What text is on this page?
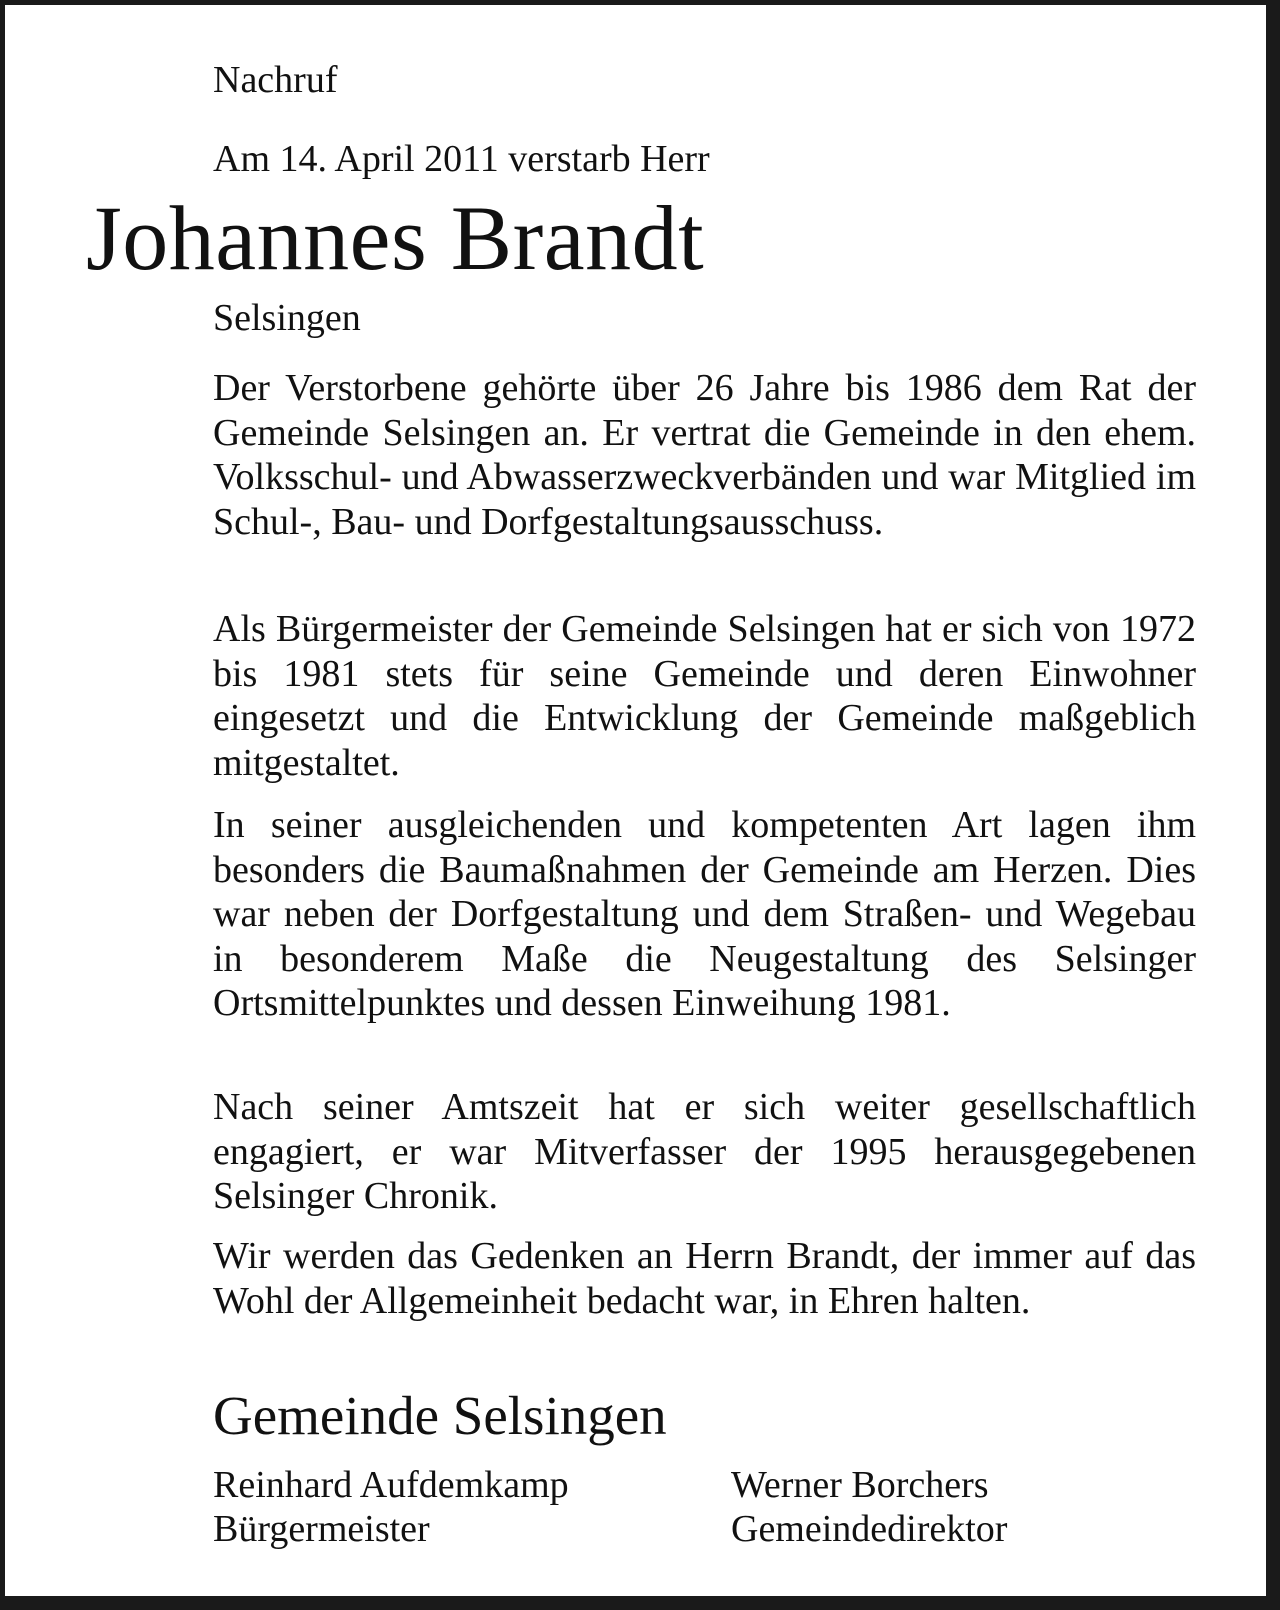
Nachruf
Am 14. April 2011 verstarb Herr
Johannes Brandt
Selsingen
Der Verstorbene gehörte über 26 Jahre bis 1986 dem Rat der Gemeinde Selsingen an. Er vertrat die Gemeinde in den ehem. Volksschul- und Abwasserzweckverbänden und war Mitglied im Schul-, Bau- und Dorfgestaltungsausschuss.
Als Bürgermeister der Gemeinde Selsingen hat er sich von 1972 bis 1981 stets für seine Gemeinde und deren Einwohner eingesetzt und die Entwicklung der Gemeinde maßgeblich mitgestaltet.
In seiner ausgleichenden und kompetenten Art lagen ihm besonders die Baumaßnahmen der Gemeinde am Herzen. Dies war neben der Dorfgestaltung und dem Straßen- und Wegebau in besonderem Maße die Neugestaltung des Selsinger Ortsmittelpunktes und dessen Einweihung 1981.
Nach seiner Amtszeit hat er sich weiter gesellschaftlich engagiert, er war Mitverfasser der 1995 herausgegebenen Selsinger Chronik.
Wir werden das Gedenken an Herrn Brandt, der immer auf das Wohl der Allgemeinheit bedacht war, in Ehren halten.
Gemeinde Selsingen
Reinhard Aufdemkamp
Bürgermeister
Werner Borchers
Gemeindedirektor
